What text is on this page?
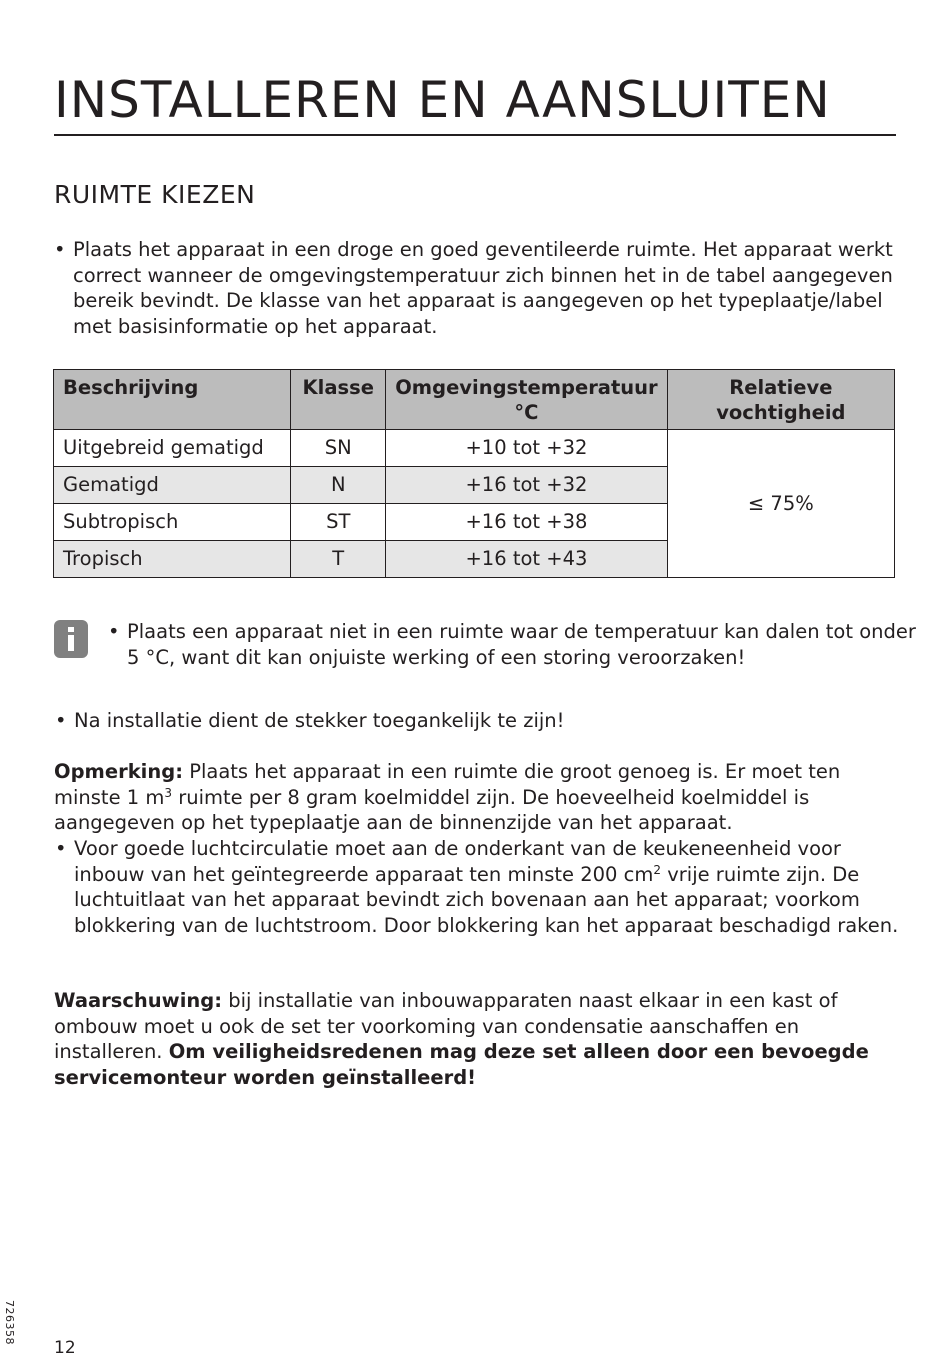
INSTALLEREN EN AANSLUITEN
RUIMTE KIEZEN

• Plaats het apparaat in een droge en goed geventileerde ruimte. Het apparaat werkt correct wanneer de omgevingstemperatuur zich binnen het in de tabel aangegeven bereik bevindt. De klasse van het apparaat is aangegeven op het typeplaatje/label met basisinformatie op het apparaat.

Beschrijving	Klasse	Omgevingstemperatuur °C	Relatieve vochtigheid
Uitgebreid gematigd	SN	+10 tot +32	≤ 75%
Gematigd	N	+16 tot +32	
Subtropisch	ST	+16 tot +38	
Tropisch	T	+16 tot +43	

• Plaats een apparaat niet in een ruimte waar de temperatuur kan dalen tot onder 5 °C, want dit kan onjuiste werking of een storing veroorzaken!

• Na installatie dient de stekker toegankelijk te zijn!

Opmerking: Plaats het apparaat in een ruimte die groot genoeg is. Er moet ten minste 1 $m^3$ ruimte per 8 gram koelmiddel zijn. De hoeveelheid koelmiddel is aangegeven op het typeplaatje aan de binnenzijde van het apparaat.

• Voor goede luchtcirculatie moet aan de onderkant van de keukeneenheid voor inbouw van het geïntegreerde apparaat ten minste 200 $cm^2$ vrije ruimte zijn. De luchtuitlaat van het apparaat bevindt zich bovenaan aan het apparaat; voorkom blokkering van de luchtstroom. Door blokkering kan het apparaat beschadigd raken.

Waarschuwing: bij installatie van inbouwapparaten naast elkaar in een kast of ombouw moet u ook de set ter voorkoming van condensatie aanschaffen en installeren. Om veiligheidsredenen mag deze set alleen door een bevoegde servicemonteur worden geïnstalleerd!

726358
12
